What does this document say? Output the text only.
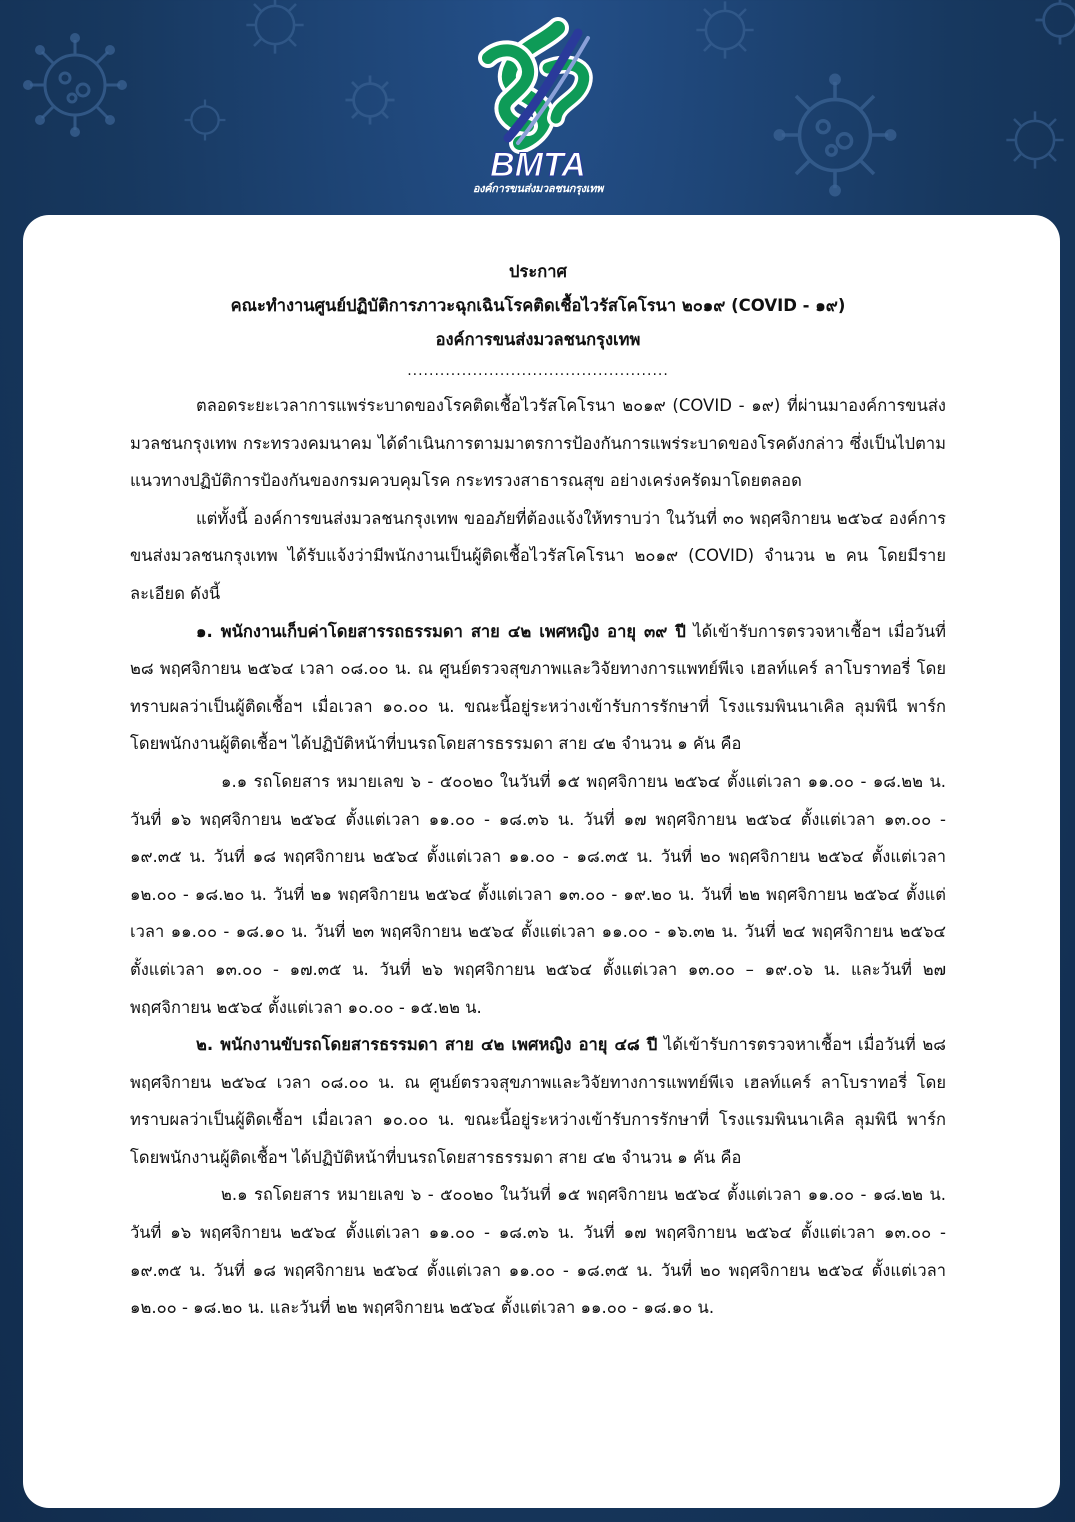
BMTA
องค์การขนส่งมวลชนกรุงเทพ
ประกาศ
คณะทำงานศูนย์ปฏิบัติการภาวะฉุกเฉินโรคติดเชื้อไวรัสโคโรนา ๒๐๑๙ (COVID - ๑๙)
องค์การขนส่งมวลชนกรุงเทพ
................................................

ตลอดระยะเวลาการแพร่ระบาดของโรคติดเชื้อไวรัสโคโรนา ๒๐๑๙ (COVID - ๑๙) ที่ผ่านมาองค์การขนส่งมวลชนกรุงเทพ กระทรวงคมนาคม ได้ดำเนินการตามมาตรการป้องกันการแพร่ระบาดของโรคดังกล่าว ซึ่งเป็นไปตามแนวทางปฏิบัติการป้องกันของกรมควบคุมโรค กระทรวงสาธารณสุข อย่างเคร่งครัดมาโดยตลอด

แต่ทั้งนี้ องค์การขนส่งมวลชนกรุงเทพ ขออภัยที่ต้องแจ้งให้ทราบว่า ในวันที่ ๓๐ พฤศจิกายน ๒๕๖๔ องค์การขนส่งมวลชนกรุงเทพ ได้รับแจ้งว่ามีพนักงานเป็นผู้ติดเชื้อไวรัสโคโรนา ๒๐๑๙ (COVID) จำนวน ๒ คน โดยมีรายละเอียด ดังนี้

๑. พนักงานเก็บค่าโดยสารรถธรรมดา สาย ๔๒ เพศหญิง อายุ ๓๙ ปี ได้เข้ารับการตรวจหาเชื้อฯ เมื่อวันที่ ๒๘ พฤศจิกายน ๒๕๖๔ เวลา ๐๘.๐๐ น. ณ ศูนย์ตรวจสุขภาพและวิจัยทางการแพทย์พีเจ เฮลท์แคร์ ลาโบราทอรี่ โดยทราบผลว่าเป็นผู้ติดเชื้อฯ เมื่อเวลา ๑๐.๐๐ น. ขณะนี้อยู่ระหว่างเข้ารับการรักษาที่ โรงแรมพินนาเคิล ลุมพินี พาร์ก โดยพนักงานผู้ติดเชื้อฯ ได้ปฏิบัติหน้าที่บนรถโดยสารธรรมดา สาย ๔๒ จำนวน ๑ คัน คือ

๑.๑ รถโดยสาร หมายเลข ๖ - ๕๐๐๒๐ ในวันที่ ๑๕ พฤศจิกายน ๒๕๖๔ ตั้งแต่เวลา ๑๑.๐๐ - ๑๘.๒๒ น. วันที่ ๑๖ พฤศจิกายน ๒๕๖๔ ตั้งแต่เวลา ๑๑.๐๐ - ๑๘.๓๖ น. วันที่ ๑๗ พฤศจิกายน ๒๕๖๔ ตั้งแต่เวลา ๑๓.๐๐ - ๑๙.๓๕ น. วันที่ ๑๘ พฤศจิกายน ๒๕๖๔ ตั้งแต่เวลา ๑๑.๐๐ - ๑๘.๓๕ น. วันที่ ๒๐ พฤศจิกายน ๒๕๖๔ ตั้งแต่เวลา ๑๒.๐๐ - ๑๘.๒๐ น. วันที่ ๒๑ พฤศจิกายน ๒๕๖๔ ตั้งแต่เวลา ๑๓.๐๐ - ๑๙.๒๐ น. วันที่ ๒๒ พฤศจิกายน ๒๕๖๔ ตั้งแต่เวลา ๑๑.๐๐ - ๑๘.๑๐ น. วันที่ ๒๓ พฤศจิกายน ๒๕๖๔ ตั้งแต่เวลา ๑๑.๐๐ - ๑๖.๓๒ น. วันที่ ๒๔ พฤศจิกายน ๒๕๖๔ ตั้งแต่เวลา ๑๓.๐๐ - ๑๗.๓๕ น. วันที่ ๒๖ พฤศจิกายน ๒๕๖๔ ตั้งแต่เวลา ๑๓.๐๐ – ๑๙.๐๖ น. และวันที่ ๒๗ พฤศจิกายน ๒๕๖๔ ตั้งแต่เวลา ๑๐.๐๐ - ๑๕.๒๒ น.

๒. พนักงานขับรถโดยสารธรรมดา สาย ๔๒ เพศหญิง อายุ ๔๘ ปี ได้เข้ารับการตรวจหาเชื้อฯ เมื่อวันที่ ๒๘ พฤศจิกายน ๒๕๖๔ เวลา ๐๘.๐๐ น. ณ ศูนย์ตรวจสุขภาพและวิจัยทางการแพทย์พีเจ เฮลท์แคร์ ลาโบราทอรี่ โดยทราบผลว่าเป็นผู้ติดเชื้อฯ เมื่อเวลา ๑๐.๐๐ น. ขณะนี้อยู่ระหว่างเข้ารับการรักษาที่ โรงแรมพินนาเคิล ลุมพินี พาร์ก โดยพนักงานผู้ติดเชื้อฯ ได้ปฏิบัติหน้าที่บนรถโดยสารธรรมดา สาย ๔๒ จำนวน ๑ คัน คือ

๒.๑ รถโดยสาร หมายเลข ๖ - ๕๐๐๒๐ ในวันที่ ๑๕ พฤศจิกายน ๒๕๖๔ ตั้งแต่เวลา ๑๑.๐๐ - ๑๘.๒๒ น. วันที่ ๑๖ พฤศจิกายน ๒๕๖๔ ตั้งแต่เวลา ๑๑.๐๐ - ๑๘.๓๖ น. วันที่ ๑๗ พฤศจิกายน ๒๕๖๔ ตั้งแต่เวลา ๑๓.๐๐ - ๑๙.๓๕ น. วันที่ ๑๘ พฤศจิกายน ๒๕๖๔ ตั้งแต่เวลา ๑๑.๐๐ - ๑๘.๓๕ น. วันที่ ๒๐ พฤศจิกายน ๒๕๖๔ ตั้งแต่เวลา ๑๒.๐๐ - ๑๘.๒๐ น. และวันที่ ๒๒ พฤศจิกายน ๒๕๖๔ ตั้งแต่เวลา ๑๑.๐๐ - ๑๘.๑๐ น.
